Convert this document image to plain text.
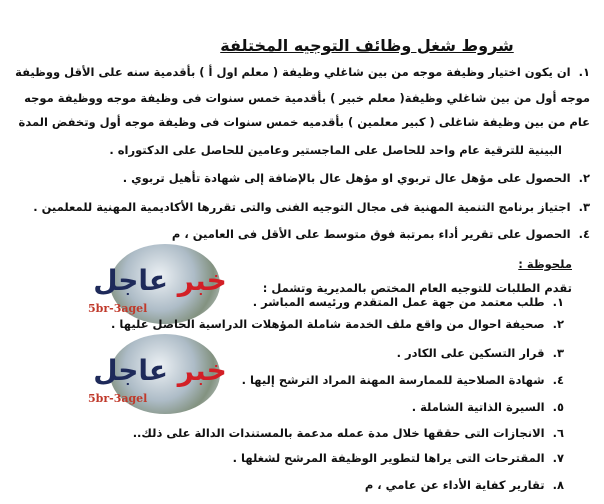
شروط شغل وظائف التوجيه المختلفة
١.ان يكون اختيار وظيفة موجه من بين شاغلي وظيفة ( معلم اول أ ) بأقدمية سنه على الأقل ووظيفة
موجه أول من بين شاغلي وظيفة( معلم خبير ) بأقدمية خمس سنوات فى وظيفة موجه ووظيفة موجه
عام من بين وظيفة شاغلى ( كبير معلمين ) بأقدميه خمس سنوات فى وظيفة موجه أول وتخفض المدة
البينية للترقية عام واحد للحاصل على الماجستير وعامين للحاصل على الدكتوراه .
٢.الحصول على مؤهل عال تربوي او مؤهل عال بالإضافة إلى شهادة تأهيل تربوي .
٣.اجتياز برنامج التنمية المهنية فى مجال التوجيه الفنى والتى تقررها الأكاديمية المهنية للمعلمين .
٤.الحصول على تقرير أداء بمرتبة فوق متوسط على الأقل فى العامين ، م
ملحوظة :
تقدم الطلبات للتوجيه العام المختص بالمديرية وتشمل :
١.طلب معتمد من جهة عمل المتقدم ورئيسه المباشر .
٢.صحيفة احوال من واقع ملف الخدمة شاملة المؤهلات الدراسية الحاصل عليها .
٣.قرار التسكين على الكادر .
٤.شهادة الصلاحية للممارسة المهنة المراد الترشح إليها .
٥.السيرة الذاتية الشاملة .
٦.الانجازات التى حققها خلال مدة عمله مدعمة بالمستندات الدالة على ذلك..
٧.المقترحات التى يراها لتطوير الوظيفة المرشح لشغلها .
٨.تقارير كفاية الأداء عن عامي ، م
خبر عاجل
5br-3agel
خبر عاجل
5br-3agel
